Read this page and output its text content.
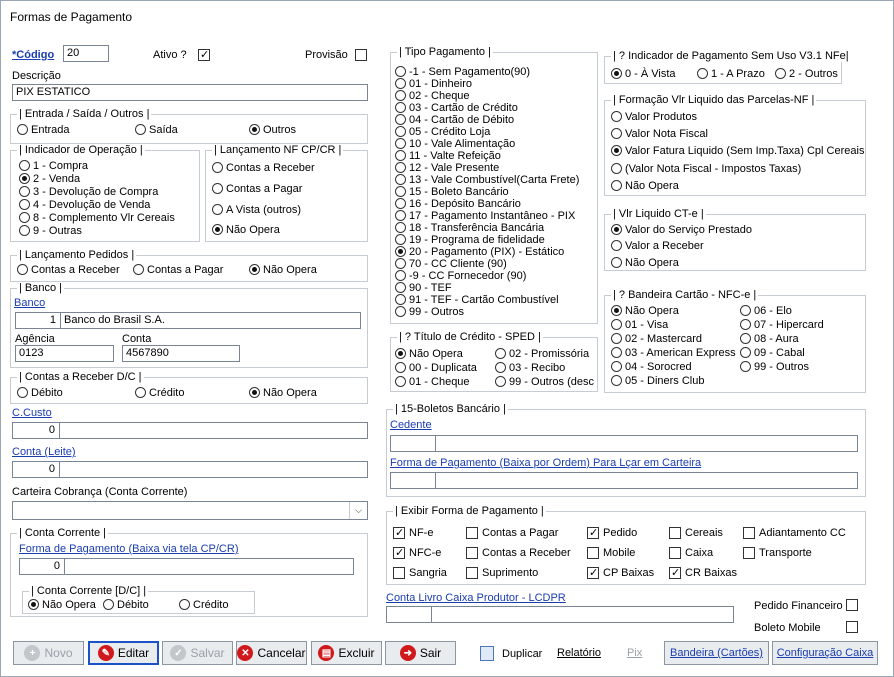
Formas de Pagamento
*Código	20	Ativo ? ✓	Provisão
Descrição
PIX ESTATICO
| Entrada / Saída / Outros |
Entrada	Saída	Outros
| Indicador de Operação |
1 - Compra
2 - Venda
3 - Devolução de Compra
4 - Devolução de Venda
8 - Complemento Vlr Cereais
9 - Outras
| Lançamento NF CP/CR |
Contas a Receber
Contas a Pagar
A Vista (outros)
Não Opera
| Lançamento Pedidos |
Contas a Receber Contas a Pagar	Não Opera
| Banco |
Banco
1 Banco do Brasil S.A.
Agência
0123
Conta
4567890
| Contas a Receber D/C |
Débito	Crédito	Não Opera
C.Custo
0
Conta (Leite)
0
Carteira Cobrança (Conta Corrente)
⌵
| Conta Corrente |
Forma de Pagamento (Baixa via tela CP/CR)
0
| Conta Corrente [D/C] |
Não Opera Débito	Crédito
| Tipo Pagamento |
-1 - Sem Pagamento(90)
01 - Dinheiro
02 - Cheque
03 - Cartão de Crédito
04 - Cartão de Débito
05 - Crédito Loja
10 - Vale Alimentação
11 - Valte Refeição
12 - Vale Presente
13 - Vale Combustível(Carta Frete)
15 - Boleto Bancário
16 - Depósito Bancário
17 - Pagamento Instantâneo - PIX
18 - Transferência Bancária
19 - Programa de fidelidade
20 - Pagamento (PIX) - Estático
70 - CC Cliente (90)
-9 - CC Fornecedor (90)
90 - TEF
91 - TEF - Cartão Combustível
99 - Outros
| ? Título de Crédito - SPED |
Não Opera	02 - Promissória
00 - Duplicata	03 - Recibo
01 - Cheque	99 - Outros (desc
| ? Indicador de Pagamento Sem Uso V3.1 NFe|
0 - À Vista	1 - A Prazo 2 - Outros
| Formação Vlr Liquido das Parcelas-NF |
Valor Produtos
Valor Nota Fiscal
Valor Fatura Liquido (Sem Imp.Taxa) Cpl Cereais
(Valor Nota Fiscal - Impostos Taxas)
Não Opera
| Vlr Liquido CT-e |
Valor do Serviço Prestado
Valor a Receber
Não Opera
| ? Bandeira Cartão - NFC-e |
Não Opera	06 - Elo
01 - Visa	07 - Hipercard
02 - Mastercard	08 - Aura
03 - American Express 09 - Cabal
04 - Sorocred	99 - Outros
05 - Diners Club
| 15-Boletos Bancário |
Cedente
Forma de Pagamento (Baixa por Ordem) Para Lçar em Carteira
| Exibir Forma de Pagamento |
✓
NF-e	Contas a Pagar ✓	Pedido	Cereais	Adiantamento CC
✓
NFC-e	Contas a Receber	Mobile	Caixa	Transporte
Sangria	Suprimento ✓	CP Baixas ✓	CR Baixas
Conta Livro Caixa Produtor - LCDPR
Pedido Financeiro
Boleto Mobile
+ Novo	✎ Editar	✓ Salvar	✕ Cancelar	▤ Excluir	➜ Sair	Duplicar Relatório Pix	Bandeira (Cartões)	Configuração Caixa
